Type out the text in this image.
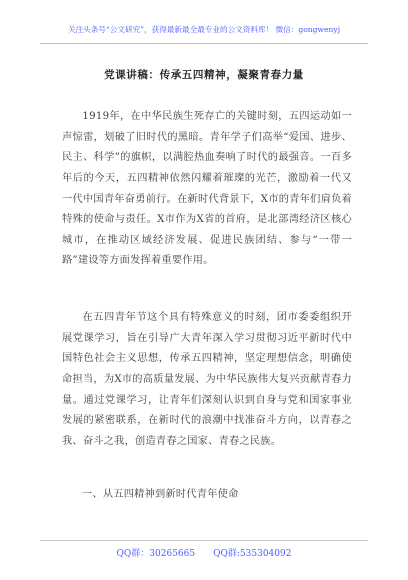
关注头条号“公文研究”，获得最新最全最专业的公文资料库！ 微信：gongwenyj
党课讲稿：传承五四精神，凝聚青春力量

1919年，在中华民族生死存亡的关键时刻，五四运动如一声惊雷，划破了旧时代的黑暗。青年学子们高举“爱国、进步、民主、科学”的旗帜，以满腔热血奏响了时代的最强音。一百多年后的今天，五四精神依然闪耀着璀璨的光芒，激励着一代又一代中国青年奋勇前行。在新时代背景下，X市的青年们肩负着特殊的使命与责任。X市作为X省的首府，是北部湾经济区核心城市，在推动区域经济发展、促进民族团结、参与“一带一路”建设等方面发挥着重要作用。

在五四青年节这个具有特殊意义的时刻，团市委委组织开展党课学习，旨在引导广大青年深入学习贯彻习近平新时代中国特色社会主义思想，传承五四精神，坚定理想信念，明确使命担当，为X市的高质量发展、为中华民族伟大复兴贡献青春力量。通过党课学习，让青年们深刻认识到自身与党和国家事业发展的紧密联系，在新时代的浪潮中找准奋斗方向，以青春之我、奋斗之我，创造青春之国家、青春之民族。

一、从五四精神到新时代青年使命
QQ群：30265665 QQ群:535304092
